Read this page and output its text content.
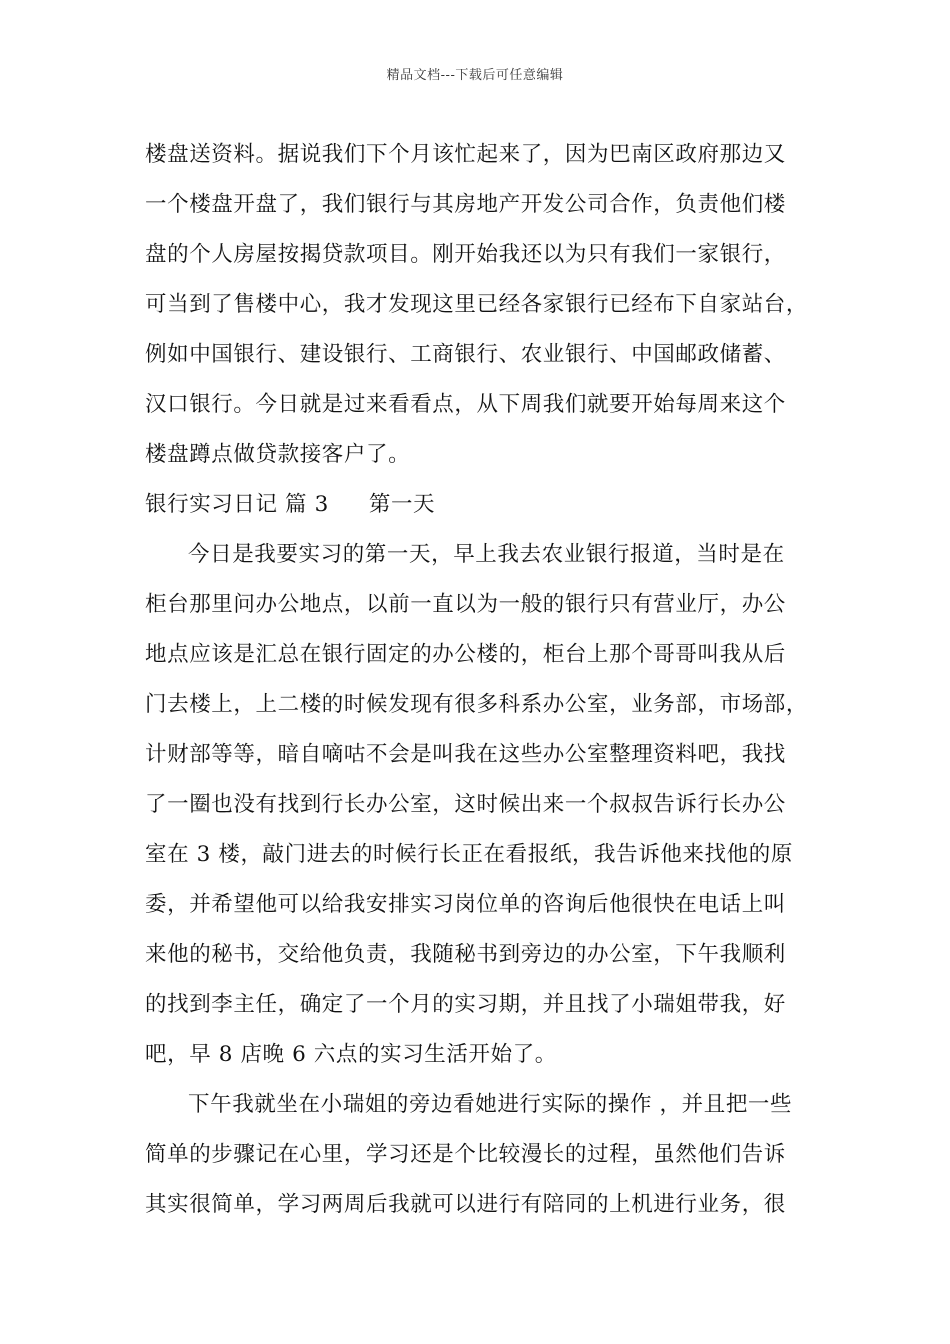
精品文档---下载后可任意编辑
楼盘送资料。据说我们下个月该忙起来了，因为巴南区政府那边又
一个楼盘开盘了，我们银行与其房地产开发公司合作，负责他们楼
盘的个人房屋按揭贷款项目。刚开始我还以为只有我们一家银行，
可当到了售楼中心，我才发现这里已经各家银行已经布下自家站台，
例如中国银行、建设银行、工商银行、农业银行、中国邮政储蓄、
汉口银行。今日就是过来看看点，从下周我们就要开始每周来这个
楼盘蹲点做贷款接客户了。
银行实习日记 篇 3 第一天
今日是我要实习的第一天，早上我去农业银行报道，当时是在
柜台那里问办公地点，以前一直以为一般的银行只有营业厅，办公
地点应该是汇总在银行固定的办公楼的，柜台上那个哥哥叫我从后
门去楼上，上二楼的时候发现有很多科系办公室，业务部，市场部，
计财部等等，暗自嘀咕不会是叫我在这些办公室整理资料吧，我找
了一圈也没有找到行长办公室，这时候出来一个叔叔告诉行长办公
室在 3 楼，敲门进去的时候行长正在看报纸，我告诉他来找他的原
委，并希望他可以给我安排实习岗位单的咨询后他很快在电话上叫
来他的秘书，交给他负责，我随秘书到旁边的办公室，下午我顺利
的找到李主任，确定了一个月的实习期，并且找了小瑞姐带我，好
吧，早 8 店晚 6 六点的实习生活开始了。
下午我就坐在小瑞姐的旁边看她进行实际的操作 ，并且把一些
简单的步骤记在心里，学习还是个比较漫长的过程，虽然他们告诉
其实很简单，学习两周后我就可以进行有陪同的上机进行业务，很
